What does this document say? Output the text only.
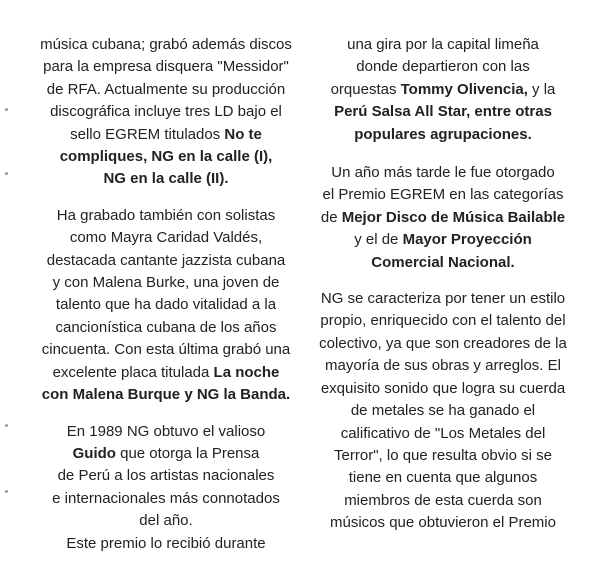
música cubana; grabó además discos
para la empresa disquera "Messidor"
de RFA. Actualmente su producción
discográfica incluye tres LD bajo el
sello EGREM titulados No te
compliques, NG en la calle (I),
NG en la calle (II).

Ha grabado también con solistas
como Mayra Caridad Valdés,
destacada cantante jazzista cubana
y con Malena Burke, una joven de
talento que ha dado vitalidad a la
cancionística cubana de los años
cincuenta. Con esta última grabó una
excelente placa titulada La noche
con Malena Burque y NG la Banda.

En 1989 NG obtuvo el valioso
Guido que otorga la Prensa
de Perú a los artistas nacionales
e internacionales más connotados
del año.
Este premio lo recibió durante

una gira por la capital limeña
donde departieron con las
orquestas Tommy Olivencia, y la
Perú Salsa All Star, entre otras
populares agrupaciones.

Un año más tarde le fue otorgado
el Premio EGREM en las categorías
de Mejor Disco de Música Bailable
y el de Mayor Proyección
Comercial Nacional.

NG se caracteriza por tener un estilo
propio, enriquecido con el talento del
colectivo, ya que son creadores de la
mayoría de sus obras y arreglos. El
exquisito sonido que logra su cuerda
de metales se ha ganado el
calificativo de "Los Metales del
Terror", lo que resulta obvio si se
tiene en cuenta que algunos
miembros de esta cuerda son
músicos que obtuvieron el Premio
